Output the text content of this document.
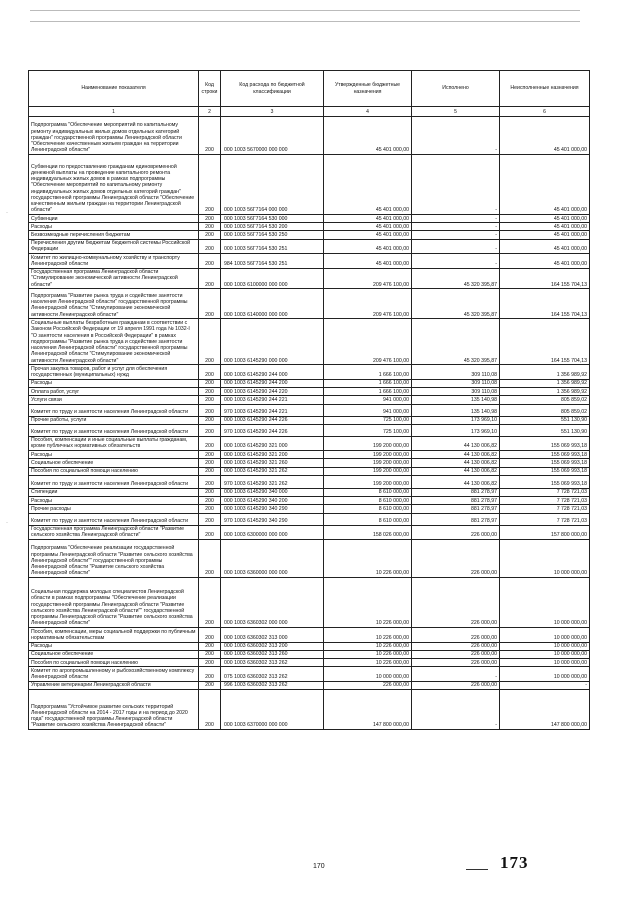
·
·
Наименование показателя	Код строки	Код расхода по бюджетной классификации	Утвержденные бюджетные назначения	Исполнено	Неисполненные назначения
1	2	3	4	5	6
Подпрограмма "Обеспечение мероприятий по капитальному ремонту индивидуальных жилых домов отдельных категорий граждан" государственной программы Ленинградской области "Обеспечение качественным жильем граждан на территории Ленинградской области"	200	000 1003 5670000 000 000	45 401 000,00	-	45 401 000,00
Субвенции по предоставлению гражданам единовременной денежной выплаты на проведение капитального ремонта индивидуальных жилых домов в рамках подпрограммы "Обеспечение мероприятий по капитальному ремонту индивидуальных жилых домов отдельных категорий граждан" государственной программы Ленинградской области "Обеспечение качественным жильем граждан на территории Ленинградской области"	200	000 1003 56Г7164 000 000	45 401 000,00	-	45 401 000,00
Субвенции	200	000 1003 56Г7164 530 000	45 401 000,00	-	45 401 000,00
Расходы	200	000 1003 56Г7164 530 200	45 401 000,00	-	45 401 000,00
Безвозмездные перечисления бюджетам	200	000 1003 56Г7164 530 250	45 401 000,00	-	45 401 000,00
Перечисления другим бюджетам бюджетной системы Российской Федерации	200	000 1003 56Г7164 530 251	45 401 000,00	-	45 401 000,00
Комитет по жилищно-коммунальному хозяйству и транспорту Ленинградской области	200	984 1003 56Г7164 530 251	45 401 000,00	-	45 401 000,00
Государственная программа Ленинградской области "Стимулирование экономической активности Ленинградской области"	200	000 1003 6100000 000 000	209 476 100,00	45 320 395,87	164 155 704,13
Подпрограмма "Развитие рынка труда и содействие занятости населения Ленинградской области" государственной программы Ленинградской области "Стимулирование экономической активности Ленинградской области"	200	000 1003 6140000 000 000	209 476 100,00	45 320 395,87	164 155 704,13
Социальные выплаты безработным гражданам в соответствии с Законом Российской Федерации от 19 апреля 1991 года № 1032-I "О занятости населения в Российской Федерации" в рамках подпрограммы "Развитие рынка труда и содействие занятости населения Ленинградской области" государственной программы Ленинградской области "Стимулирование экономической активности Ленинградской области"	200	000 1003 6145290 000 000	209 476 100,00	45 320 395,87	164 155 704,13
Прочая закупка товаров, работ и услуг для обеспечения государственных (муниципальных) нужд	200	000 1003 6145290 244 000	1 666 100,00	309 110,08	1 356 989,92
Расходы	200	000 1003 6145290 244 200	1 666 100,00	309 110,08	1 356 989,92
Оплата работ, услуг	200	000 1003 6145290 244 220	1 666 100,00	309 110,08	1 356 989,92
Услуги связи	200	000 1003 6145290 244 221	941 000,00	135 140,98	805 859,02
Комитет по труду и занятости населения Ленинградской области	200	970 1003 6145290 244 221	941 000,00	135 140,98	805 859,02
Прочие работы, услуги	200	000 1003 6145290 244 226	725 100,00	173 969,10	551 130,90
Комитет по труду и занятости населения Ленинградской области	200	970 1003 6145290 244 226	725 100,00	173 969,10	551 130,90
Пособия, компенсации и иные социальные выплаты гражданам, кроме публичных нормативных обязательств	200	000 1003 6145290 321 000	199 200 000,00	44 130 006,82	155 069 993,18
Расходы	200	000 1003 6145290 321 200	199 200 000,00	44 130 006,82	155 069 993,18
Социальное обеспечение	200	000 1003 6145290 321 260	199 200 000,00	44 130 006,82	155 069 993,18
Пособия по социальной помощи населению	200	000 1003 6145290 321 262	199 200 000,00	44 130 006,82	155 069 993,18
Комитет по труду и занятости населения Ленинградской области	200	970 1003 6145290 321 262	199 200 000,00	44 130 006,82	155 069 993,18
Стипендии	200	000 1003 6145290 340 000	8 610 000,00	881 278,97	7 728 721,03
Расходы	200	000 1003 6145290 340 200	8 610 000,00	881 278,97	7 728 721,03
Прочие расходы	200	000 1003 6145290 340 290	8 610 000,00	881 278,97	7 728 721,03
Комитет по труду и занятости населения Ленинградской области	200	970 1003 6145290 340 290	8 610 000,00	881 278,97	7 728 721,03
Государственная программа Ленинградской области "Развитие сельского хозяйства Ленинградской области"	200	000 1003 6300000 000 000	158 026 000,00	226 000,00	157 800 000,00
Подпрограмма "Обеспечение реализации государственной программы Ленинградской области "Развитие сельского хозяйства Ленинградской области"" государственной программы Ленинградской области "Развитие сельского хозяйства Ленинградской области"	200	000 1003 6360000 000 000	10 226 000,00	226 000,00	10 000 000,00
Социальная поддержка молодых специалистов Ленинградской области в рамках подпрограммы "Обеспечение реализации государственной программы Ленинградской области "Развитие сельского хозяйства Ленинградской области"" государственной программы Ленинградской области "Развитие сельского хозяйства Ленинградской области"	200	000 1003 6360302 000 000	10 226 000,00	226 000,00	10 000 000,00
Пособия, компенсации, меры социальной поддержки по публичным нормативным обязательствам	200	000 1003 6360302 313 000	10 226 000,00	226 000,00	10 000 000,00
Расходы	200	000 1003 6360302 313 200	10 226 000,00	226 000,00	10 000 000,00
Социальное обеспечение	200	000 1003 6360302 313 260	10 226 000,00	226 000,00	10 000 000,00
Пособия по социальной помощи населению	200	000 1003 6360302 313 262	10 226 000,00	226 000,00	10 000 000,00
Комитет по агропромышленному и рыбохозяйственному комплексу Ленинградской области	200	075 1003 6360302 313 262	10 000 000,00	-	10 000 000,00
Управление ветеринарии Ленинградской области	200	996 1003 6360302 313 262	226 000,00	226 000,00	-
Подпрограмма "Устойчивое развитие сельских территорий Ленинградской области на 2014 - 2017 годы и на период до 2020 года" государственной программы Ленинградской области "Развитие сельского хозяйства Ленинградской области"	200	000 1003 6370000 000 000	147 800 000,00	-	147 800 000,00
170	173
